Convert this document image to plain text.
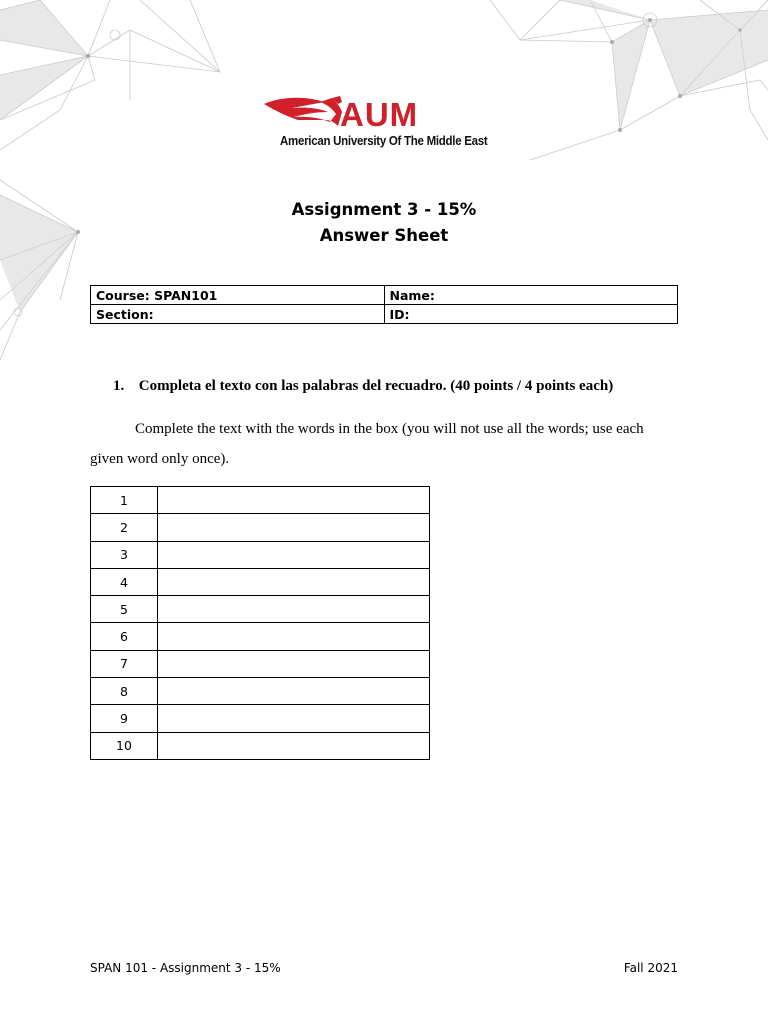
AUM
American University Of The Middle East
Assignment 3 - 15%
Answer Sheet
Course: SPAN101	Name:
Section:	ID:
1. Completa el texto con las palabras del recuadro. (40 points / 4 points each)
Complete the text with the words in the box (you will not use all the words; use each given word only once).
1	
2	
3	
4	
5	
6	
7	
8	
9	
10	
SPAN 101 - Assignment 3 - 15%	Fall 2021
